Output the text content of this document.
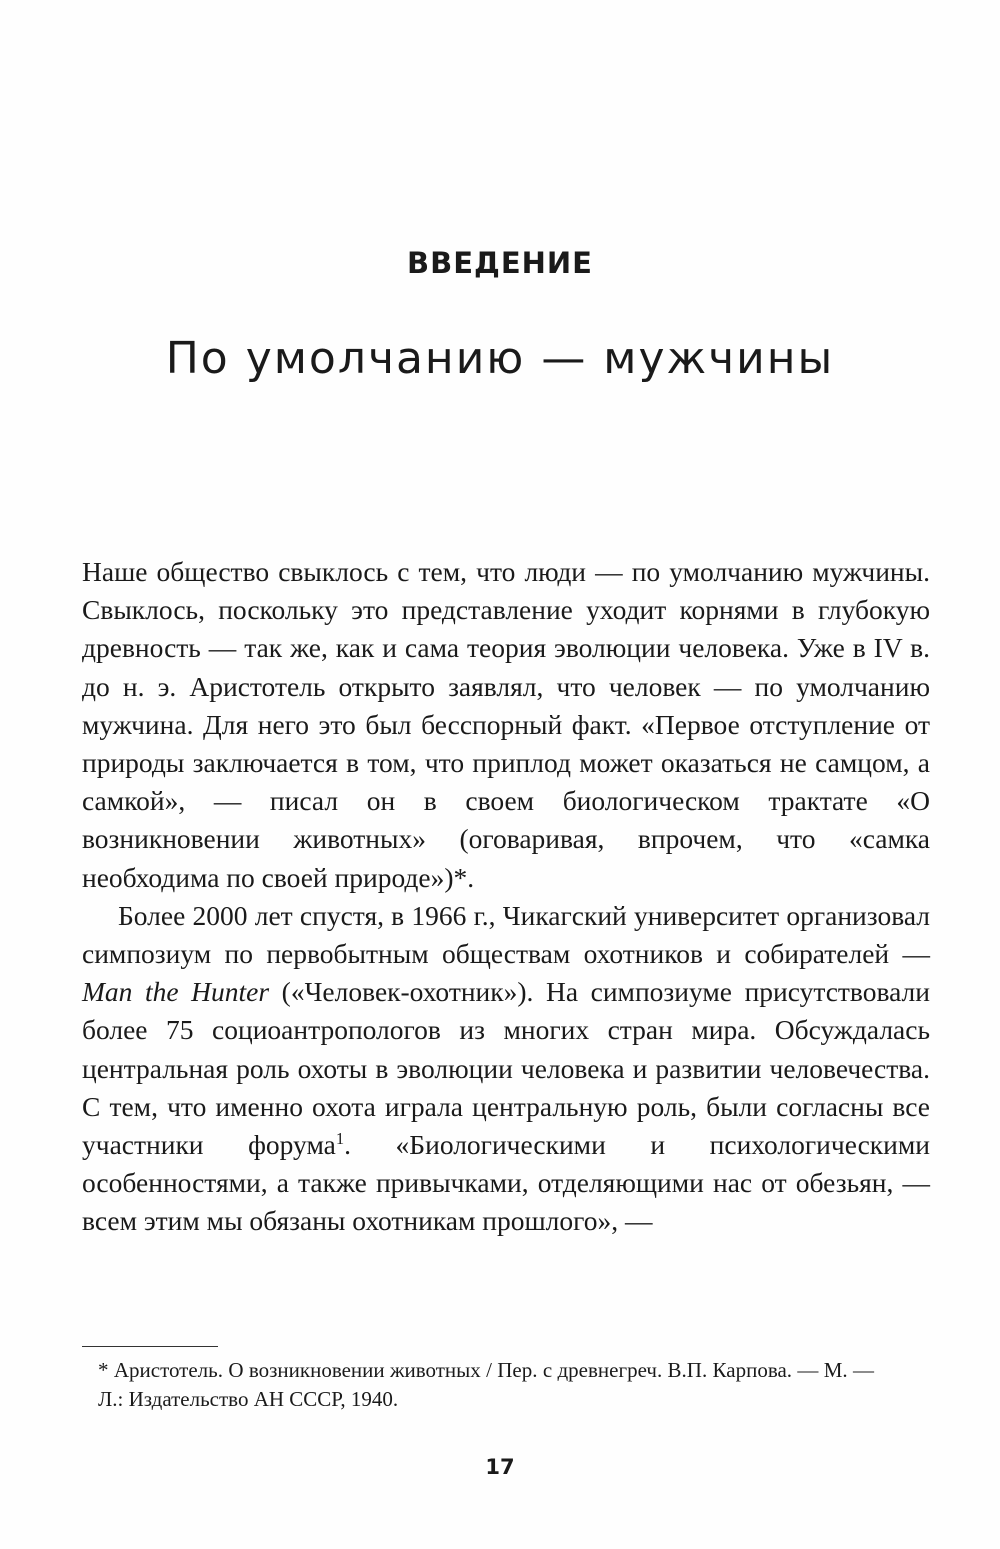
ВВЕДЕНИЕ
По умолчанию — мужчины

Наше общество свыклось с тем, что люди — по умолчанию мужчины. Свыклось, поскольку это представление уходит корнями в глубокую древность — так же, как и сама теория эволюции человека. Уже в IV в. до н. э. Аристотель открыто заявлял, что человек — по умолчанию мужчина. Для него это был бесспорный факт. «Первое отступление от природы заключается в том, что приплод может оказаться не самцом, а самкой», — писал он в своем биологическом трактате «О возникновении животных» (оговаривая, впрочем, что «самка необходима по своей природе»)*.

Более 2000 лет спустя, в 1966 г., Чикагский университет организовал симпозиум по первобытным обществам охотников и собирателей — Man the Hunter («Человек-охотник»). На симпозиуме присутствовали более 75 социоантропологов из многих стран мира. Обсуждалась центральная роль охоты в эволюции человека и развитии человечества. С тем, что именно охота играла центральную роль, были согласны все участники форума$^1$. «Биологическими и психологическими особенностями, а также привычками, отделяющими нас от обезьян, — всем этим мы обязаны охотникам прошлого», —

* Аристотель. О возникновении животных / Пер. с древнегреч. В.П. Карпова. — М. — Л.: Издательство АН СССР, 1940.
17
